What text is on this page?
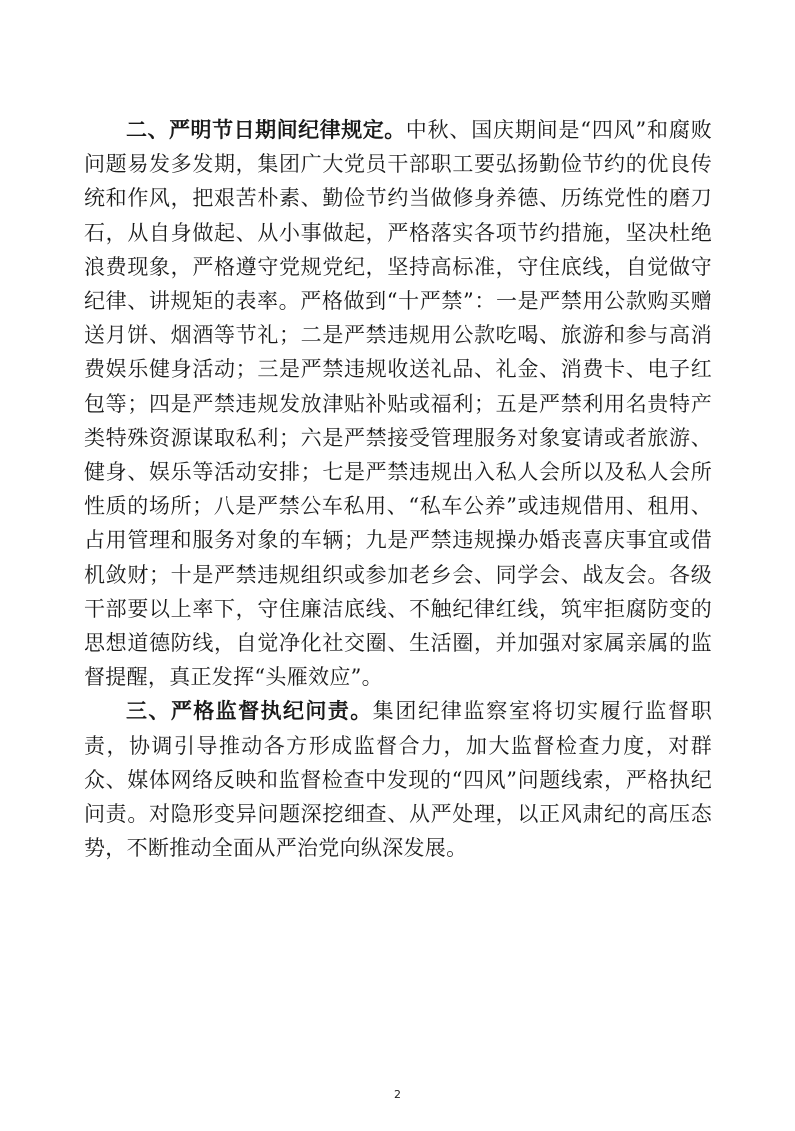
二、严明节日期间纪律规定。中秋、国庆期间是“四风”和腐败问题易发多发期，集团广大党员干部职工要弘扬勤俭节约的优良传统和作风，把艰苦朴素、勤俭节约当做修身养德、历练党性的磨刀石，从自身做起、从小事做起，严格落实各项节约措施，坚决杜绝浪费现象，严格遵守党规党纪，坚持高标准，守住底线，自觉做守纪律、讲规矩的表率。严格做到“十严禁”：一是严禁用公款购买赠送月饼、烟酒等节礼；二是严禁违规用公款吃喝、旅游和参与高消费娱乐健身活动；三是严禁违规收送礼品、礼金、消费卡、电子红包等；四是严禁违规发放津贴补贴或福利；五是严禁利用名贵特产类特殊资源谋取私利；六是严禁接受管理服务对象宴请或者旅游、健身、娱乐等活动安排；七是严禁违规出入私人会所以及私人会所性质的场所；八是严禁公车私用、“私车公养”或违规借用、租用、占用管理和服务对象的车辆；九是严禁违规操办婚丧喜庆事宜或借机敛财；十是严禁违规组织或参加老乡会、同学会、战友会。各级干部要以上率下，守住廉洁底线、不触纪律红线，筑牢拒腐防变的思想道德防线，自觉净化社交圈、生活圈，并加强对家属亲属的监督提醒，真正发挥“头雁效应”。

三、严格监督执纪问责。集团纪律监察室将切实履行监督职责，协调引导推动各方形成监督合力，加大监督检查力度，对群众、媒体网络反映和监督检查中发现的“四风”问题线索，严格执纪问责。对隐形变异问题深挖细查、从严处理，以正风肃纪的高压态势，不断推动全面从严治党向纵深发展。

2
